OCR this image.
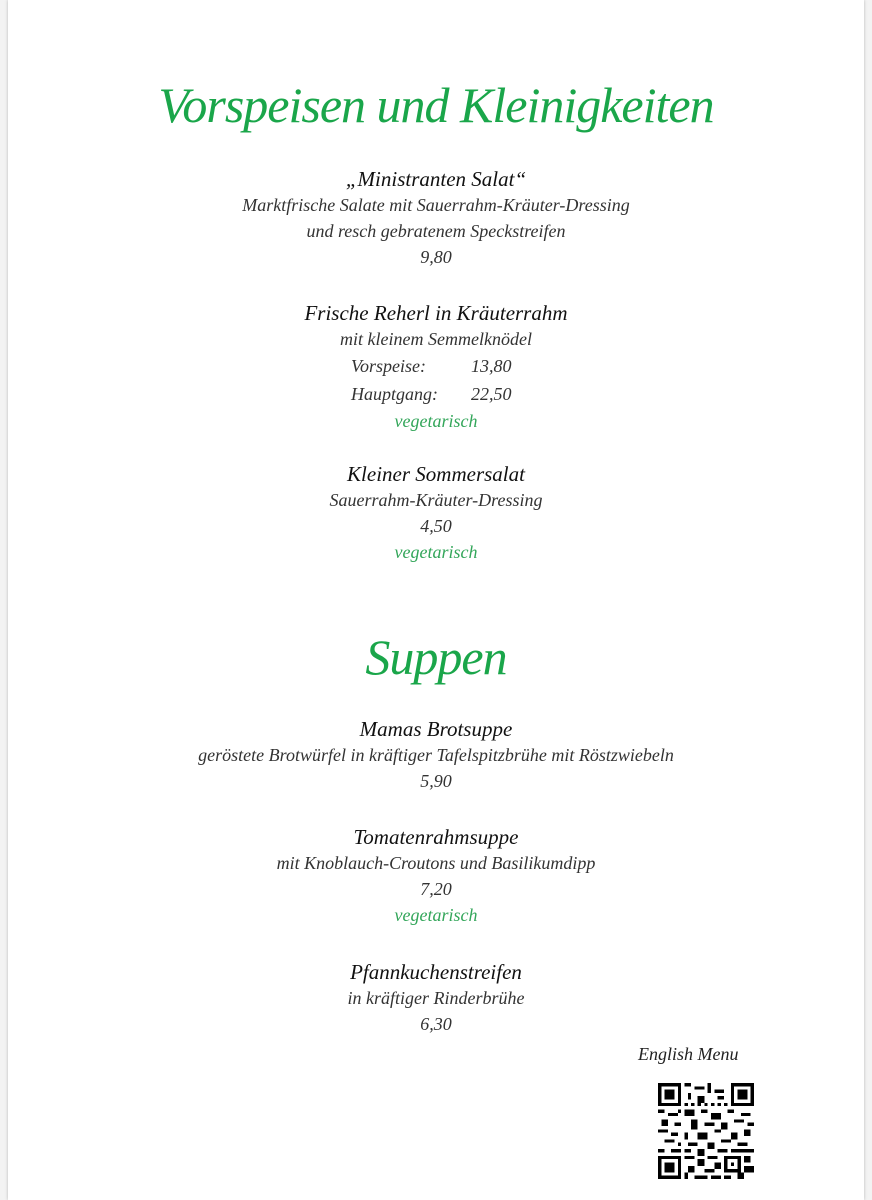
Vorspeisen und Kleinigkeiten
„Ministranten Salat“
Marktfrische Salate mit Sauerrahm-Kräuter-Dressing
und resch gebratenem Speckstreifen
9,80
Frische Reherl in Kräuterrahm
mit kleinem Semmelknödel
Vorspeise:	13,80
Hauptgang: 22,50
vegetarisch
Kleiner Sommersalat
Sauerrahm-Kräuter-Dressing
4,50
vegetarisch
Suppen
Mamas Brotsuppe
geröstete Brotwürfel in kräftiger Tafelspitzbrühe mit Röstzwiebeln
5,90
Tomatenrahmsuppe
mit Knoblauch-Croutons und Basilikumdipp
7,20
vegetarisch
Pfannkuchenstreifen
in kräftiger Rinderbrühe
6,30
English Menu
